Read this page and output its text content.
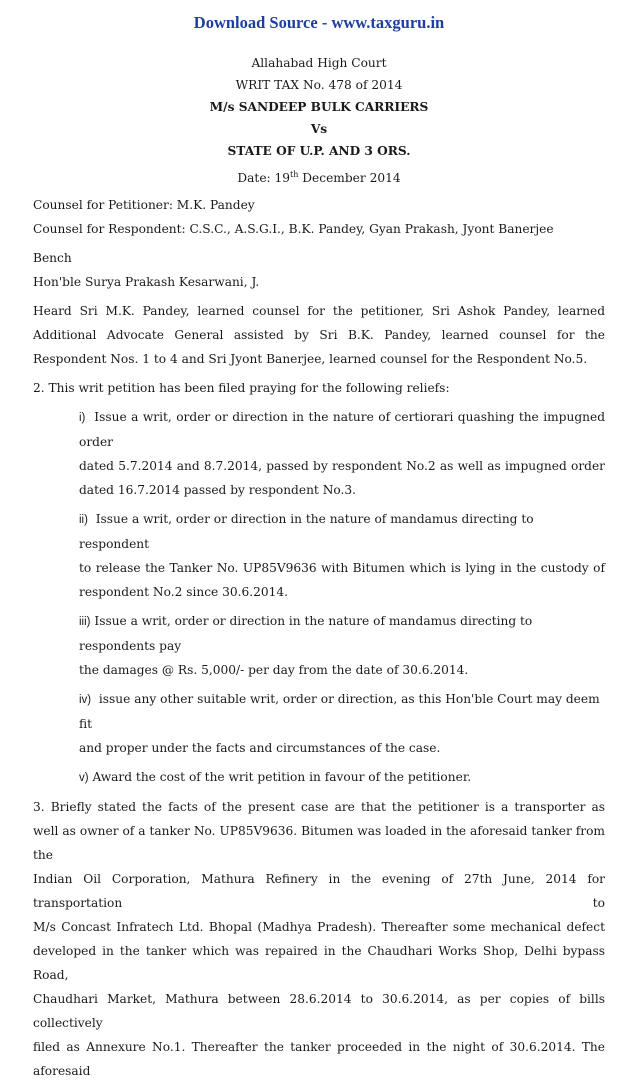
Download Source - www.taxguru.in
Allahabad High Court
WRIT TAX No. 478 of 2014
M/s SANDEEP BULK CARRIERS
Vs
STATE OF U.P. AND 3 ORS.
Date: 19th December 2014
Counsel for Petitioner: M.K. Pandey
Counsel for Respondent: C.S.C., A.S.G.I., B.K. Pandey, Gyan Prakash, Jyont Banerjee
Bench
Hon'ble Surya Prakash Kesarwani, J.
Heard Sri M.K. Pandey, learned counsel for the petitioner, Sri Ashok Pandey, learned
Additional Advocate General assisted by Sri B.K. Pandey, learned counsel for the
Respondent Nos. 1 to 4 and Sri Jyont Banerjee, learned counsel for the Respondent No.5.
2. This writ petition has been filed praying for the following reliefs:
i) Issue a writ, order or direction in the nature of certiorari quashing the impugned order
dated 5.7.2014 and 8.7.2014, passed by respondent No.2 as well as impugned order
dated 16.7.2014 passed by respondent No.3.
ii) Issue a writ, order or direction in the nature of mandamus directing to respondent
to release the Tanker No. UP85V9636 with Bitumen which is lying in the custody of
respondent No.2 since 30.6.2014.
iii) Issue a writ, order or direction in the nature of mandamus directing to respondents pay
the damages @ Rs. 5,000/- per day from the date of 30.6.2014.
iv) issue any other suitable writ, order or direction, as this Hon'ble Court may deem fit
and proper under the facts and circumstances of the case.
v) Award the cost of the writ petition in favour of the petitioner.
3. Briefly stated the facts of the present case are that the petitioner is a transporter as
well as owner of a tanker No. UP85V9636. Bitumen was loaded in the aforesaid tanker from the
Indian Oil Corporation, Mathura Refinery in the evening of 27th June, 2014 for transportation to
M/s Concast Infratech Ltd. Bhopal (Madhya Pradesh). Thereafter some mechanical defect
developed in the tanker which was repaired in the Chaudhari Works Shop, Delhi bypass Road,
Chaudhari Market, Mathura between 28.6.2014 to 30.6.2014, as per copies of bills collectively
filed as Annexure No.1. Thereafter the tanker proceeded in the night of 30.6.2014. The aforesaid
